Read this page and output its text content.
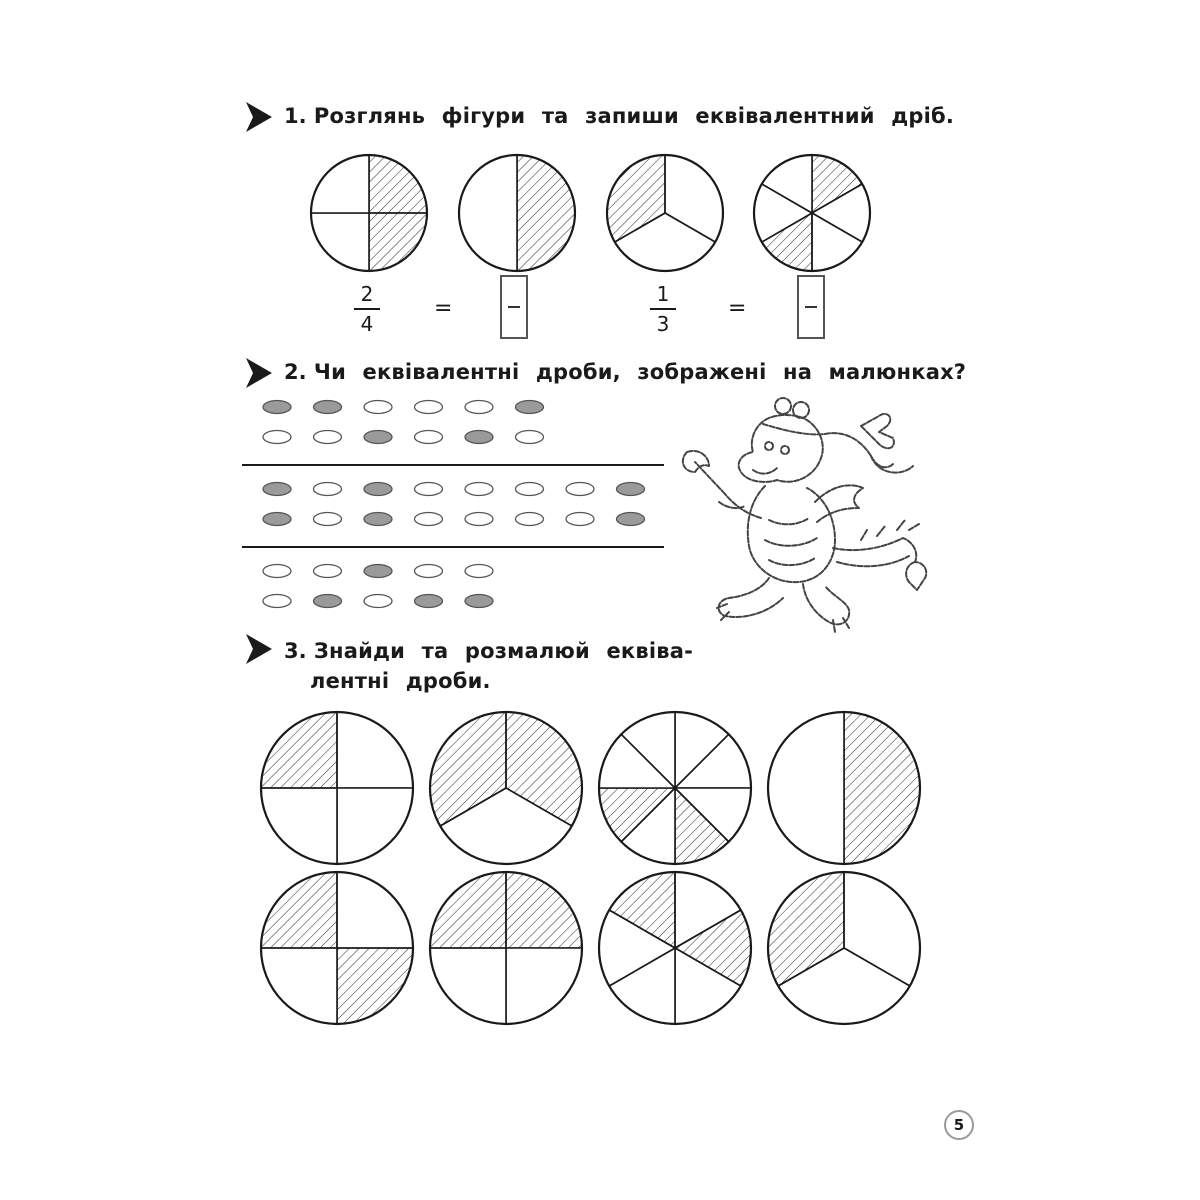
1. Розглянь фігури та запиши еквівалентний дріб.
2
4
=
1
3
=
2. Чи еквівалентні дроби, зображені на малюнках?
3. Знайди та розмалюй еквіва-
лентні дроби.
5
